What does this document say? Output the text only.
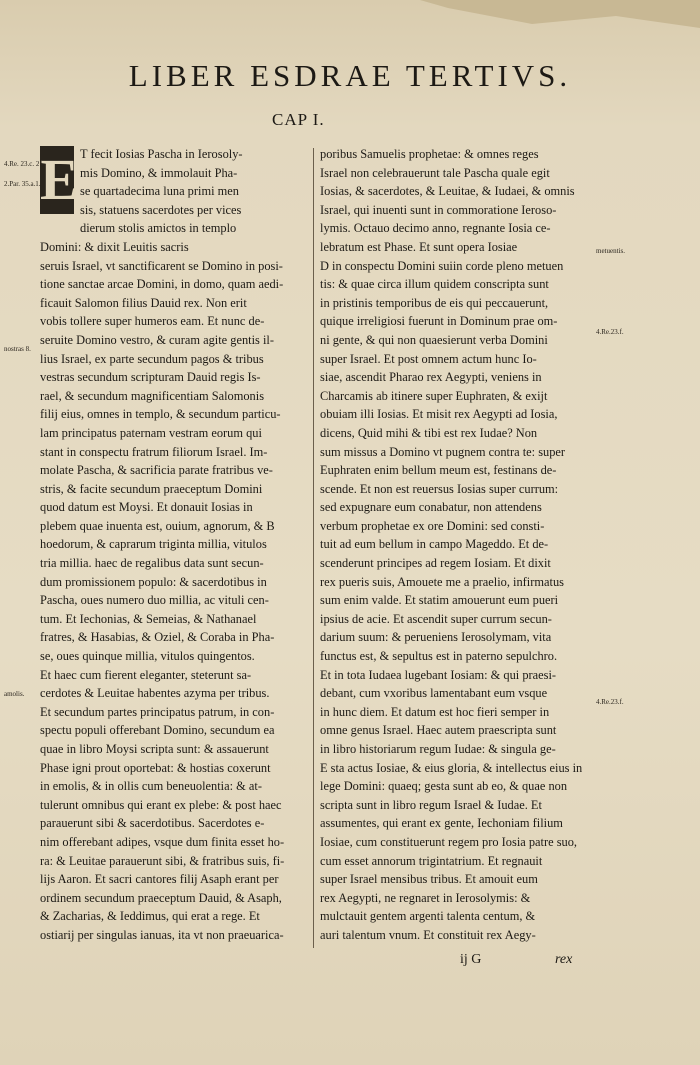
LIBER ESDRAE TERTIVS.
CAP I.
E T fecit Iosias Pascha in Ierosoly-
mis Domino, & immolauit Pha-
se quartadecima luna primi men
sis, statuens sacerdotes per vices
dierum stolis amictos in templo
Domini: & dixit Leuitis sacris
seruis Israel, vt sanctificarent se Domino in posi-
tione sanctae arcae Domini, in domo, quam aedi-
ficauit Salomon filius Dauid rex. Non erit
vobis tollere super humeros eam. Et nunc de-
seruite Domino vestro, & curam agite gentis il-
lius Israel, ex parte secundum pagos & tribus
vestras secundum scripturam Dauid regis Is-
rael, & secundum magnificentiam Salomonis
filij eius, omnes in templo, & secundum particu-
lam principatus paternam vestram eorum qui
stant in conspectu fratrum filiorum Israel. Im-
molate Pascha, & sacrificia parate fratribus ve-
stris, & facite secundum praeceptum Domini
quod datum est Moysi. Et donauit Iosias in
plebem quae inuenta est, ouium, agnorum, & B
hoedorum, & caprarum triginta millia, vitulos
tria millia. haec de regalibus data sunt secun-
dum promissionem populo: & sacerdotibus in
Pascha, oues numero duo millia, ac vituli cen-
tum. Et Iechonias, & Semeias, & Nathanael
fratres, & Hasabias, & Oziel, & Coraba in Pha-
se, oues quinque millia, vitulos quingentos.
Et haec cum fierent eleganter, steterunt sa-
cerdotes & Leuitae habentes azyma per tribus.
Et secundum partes principatus patrum, in con-
spectu populi offerebant Domino, secundum ea
quae in libro Moysi scripta sunt: & assauerunt
Phase igni prout oportebat: & hostias coxerunt
in emolis, & in ollis cum beneuolentia: & at-
tulerunt omnibus qui erant ex plebe: & post haec
parauerunt sibi & sacerdotibus. Sacerdotes e-
nim offerebant adipes, vsque dum finita esset ho-
ra: & Leuitae parauerunt sibi, & fratribus suis, fi-
lijs Aaron. Et sacri cantores filij Asaph erant per
ordinem secundum praeceptum Dauid, & Asaph,
& Zacharias, & Ieddimus, qui erat a rege. Et
ostiarij per singulas ianuas, ita vt non praeuarica-
poribus Samuelis prophetae: & omnes reges
Israel non celebrauerunt tale Pascha quale egit
Iosias, & sacerdotes, & Leuitae, & Iudaei, & omnis
Israel, qui inuenti sunt in commoratione Ieroso-
lymis. Octauo decimo anno, regnante Iosia ce-
lebratum est Phase. Et sunt opera Iosiae
D in conspectu Domini suiin corde pleno metuen
tis: & quae circa illum quidem conscripta sunt
in pristinis temporibus de eis qui peccauerunt,
quique irreligiosi fuerunt in Dominum prae om-
ni gente, & qui non quaesierunt verba Domini
super Israel. Et post omnem actum hunc Io-
siae, ascendit Pharao rex Aegypti, veniens in
Charcamis ab itinere super Euphraten, & exijt
obuiam illi Iosias. Et misit rex Aegypti ad Iosia,
dicens, Quid mihi & tibi est rex Iudae? Non
sum missus a Domino vt pugnem contra te: super
Euphraten enim bellum meum est, festinans de-
scende. Et non est reuersus Iosias super currum:
sed expugnare eum conabatur, non attendens
verbum prophetae ex ore Domini: sed consti-
tuit ad eum bellum in campo Mageddo. Et de-
scenderunt principes ad regem Iosiam. Et dixit
rex pueris suis, Amouete me a praelio, infirmatus
sum enim valde. Et statim amouerunt eum pueri
ipsius de acie. Et ascendit super currum secun-
darium suum: & perueniens Ierosolymam, vita
functus est, & sepultus est in paterno sepulchro.
Et in tota Iudaea lugebant Iosiam: & qui praesi-
debant, cum vxoribus lamentabant eum vsque
in hunc diem. Et datum est hoc fieri semper in
omne genus Israel. Haec autem praescripta sunt
in libro historiarum regum Iudae: & singula ge-
E sta actus Iosiae, & eius gloria, & intellectus eius in
lege Domini: quaeq; gesta sunt ab eo, & quae non
scripta sunt in libro regum Israel & Iudae. Et
assumentes, qui erant ex gente, Iechoniam filium
Iosiae, cum constituerunt regem pro Iosia patre suo,
cum esset annorum trigintatrium. Et regnauit
super Israel mensibus tribus. Et amouit eum
rex Aegypti, ne regnaret in Ierosolymis: &
mulctauit gentem argenti talenta centum, &
auri talentum vnum. Et constituit rex Aegy-
4.Re. 23.c. 21.
2.Par. 35.a.1.
nostras 8.
amolis.
metuentis.
4.Re.23.f.
4.Re.23.f.
ij G	rex
